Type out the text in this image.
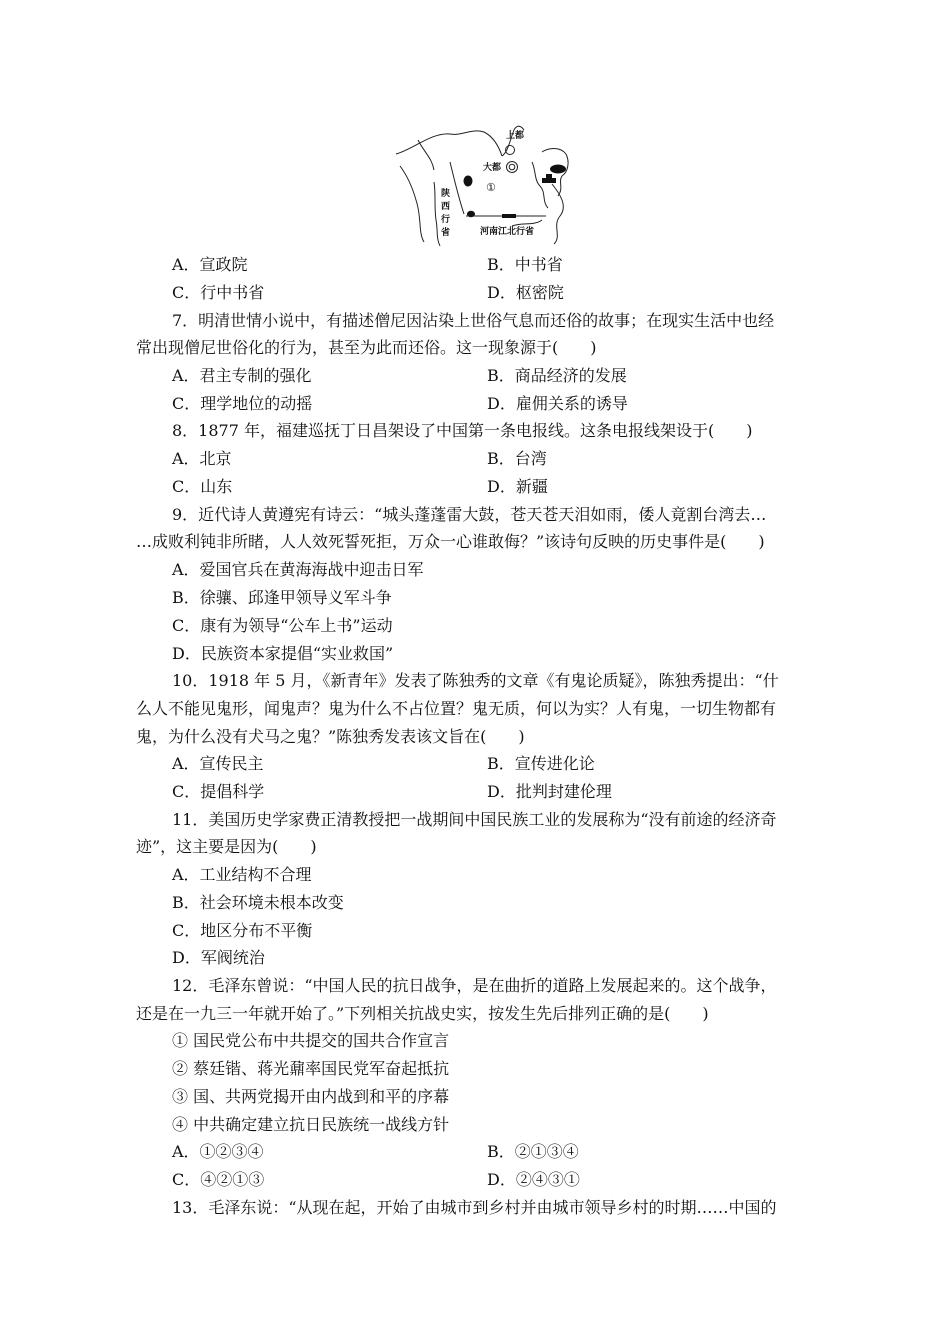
上都
大都
①
陕
西
行
省	河南江北行省
A．宣政院	B．中书省
C．行中书省	D．枢密院
7．明清世情小说中，有描述僧尼因沾染上世俗气息而还俗的故事；在现实生活中也经
常出现僧尼世俗化的行为，甚至为此而还俗。这一现象源于(　　)
A．君主专制的强化	B．商品经济的发展
C．理学地位的动摇	D．雇佣关系的诱导
8．1877 年，福建巡抚丁日昌架设了中国第一条电报线。这条电报线架设于(　　)
A．北京	B．台湾
C．山东	D．新疆
9．近代诗人黄遵宪有诗云：“城头蓬蓬雷大鼓，苍天苍天泪如雨，倭人竟割台湾去…
…成败利钝非所睹，人人效死誓死拒，万众一心谁敢侮？”该诗句反映的历史事件是(　　)
A．爱国官兵在黄海海战中迎击日军
B．徐骧、邱逢甲领导义军斗争
C．康有为领导“公车上书”运动
D．民族资本家提倡“实业救国”
10．1918 年 5 月，《新青年》发表了陈独秀的文章《有鬼论质疑》，陈独秀提出：“什
么人不能见鬼形，闻鬼声？鬼为什么不占位置？鬼无质，何以为实？人有鬼，一切生物都有
鬼，为什么没有犬马之鬼？”陈独秀发表该文旨在(　　)
A．宣传民主	B．宣传进化论
C．提倡科学	D．批判封建伦理
11．美国历史学家费正清教授把一战期间中国民族工业的发展称为“没有前途的经济奇
迹”，这主要是因为(　　)
A．工业结构不合理
B．社会环境未根本改变
C．地区分布不平衡
D．军阀统治
12．毛泽东曾说：“中国人民的抗日战争，是在曲折的道路上发展起来的。这个战争，
还是在一九三一年就开始了。”下列相关抗战史实，按发生先后排列正确的是(　　)
① 国民党公布中共提交的国共合作宣言
② 蔡廷锴、蒋光鼐率国民党军奋起抵抗
③ 国、共两党揭开由内战到和平的序幕
④ 中共确定建立抗日民族统一战线方针
A．①②③④	B．②①③④
C．④②①③	D．②④③①
13．毛泽东说：“从现在起，开始了由城市到乡村并由城市领导乡村的时期……中国的
